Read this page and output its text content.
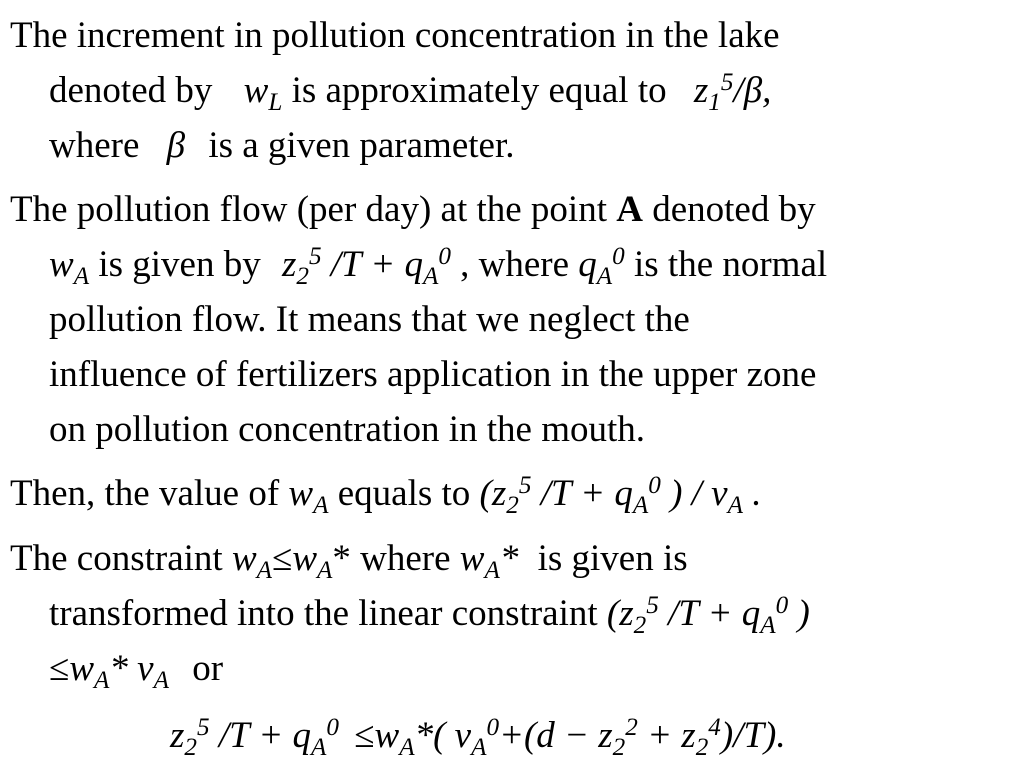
The increment in pollution concentration in the lake
denoted by $w_L$ is approximately equal to $z_1^5/\beta$,
where β is a given parameter.
The pollution flow (per day) at the point A denoted by
$w_A$ is given by $z_2^5$ $/T + q_A^0$ , where $q_A^0$ is the normal
pollution flow. It means that we neglect the
influence of fertilizers application in the upper zone
on pollution concentration in the mouth.
Then, the value of $w_A$ equals to ($z_2^5$ $/T + q_A^0$ ) / $v_A$ .
The constraint $w_A\le w_A*$ where $w_A*$ is given is
transformed into the linear constraint ($z_2^5$ $/T + q_A^0$ )
$\le w_A*$ $v_A$ or
$z_2^5$ $/T + q_A^0 \le w_A*$( $v_A^0+(d - z_2^2 + z_2^4)/T$).
